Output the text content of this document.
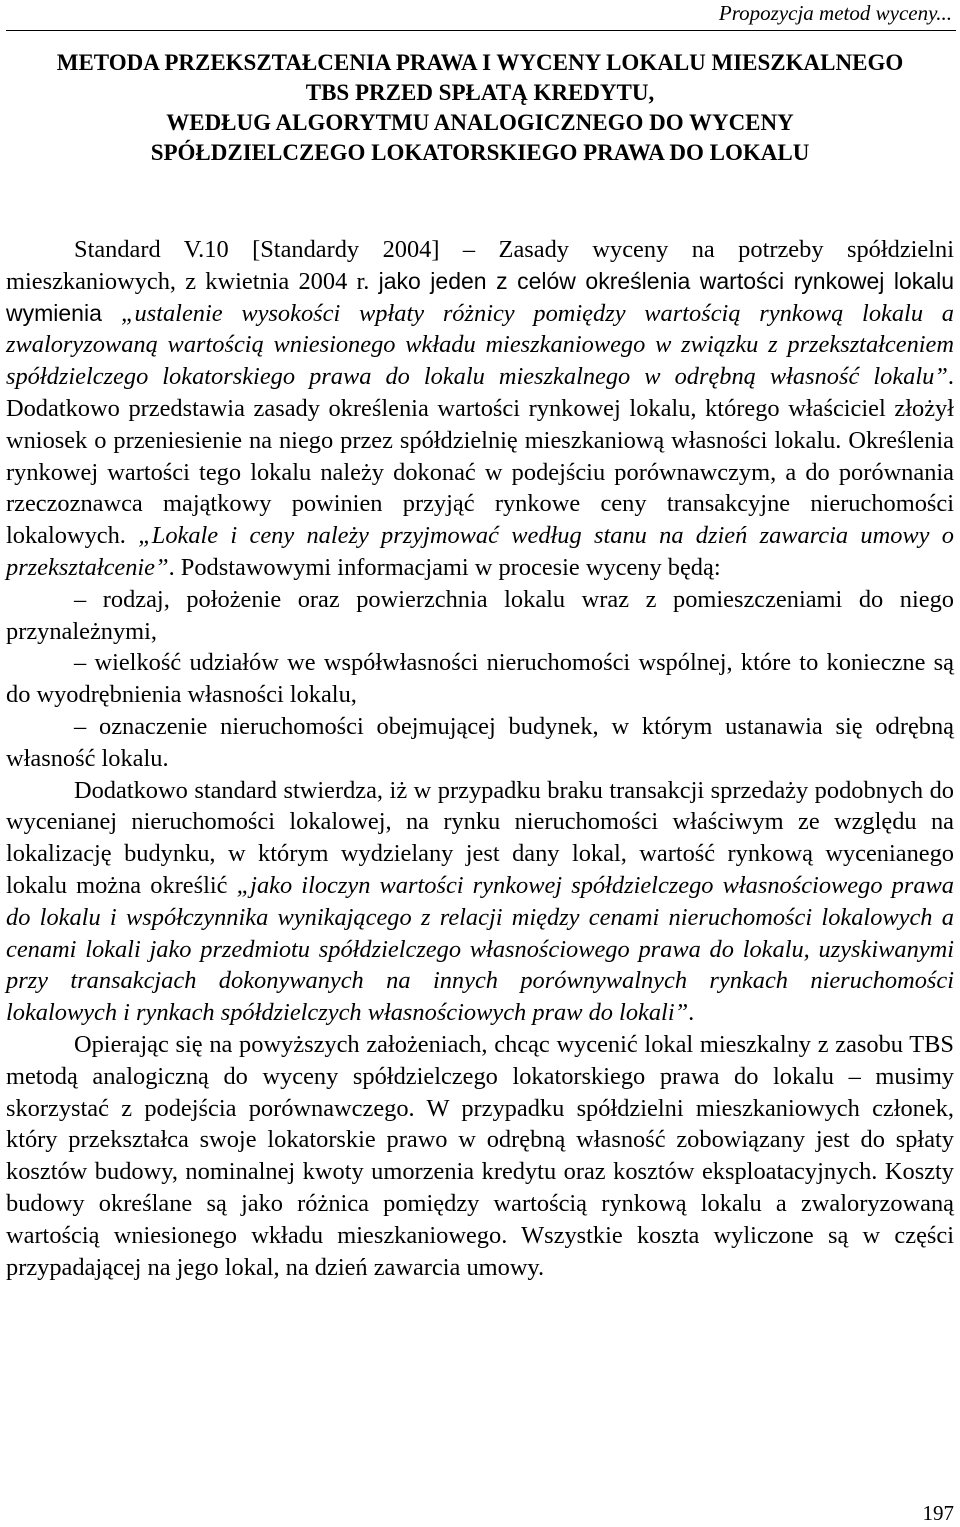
Propozycja metod wyceny...
METODA PRZEKSZTAŁCENIA PRAWA I WYCENY LOKALU MIESZKALNEGO
TBS PRZED SPŁATĄ KREDYTU,
WEDŁUG ALGORYTMU ANALOGICZNEGO DO WYCENY
SPÓŁDZIELCZEGO LOKATORSKIEGO PRAWA DO LOKALU

Standard V.10 [Standardy 2004] – Zasady wyceny na potrzeby spółdzielni mieszkaniowych, z kwietnia 2004 r. jako jeden z celów określenia wartości rynkowej lokalu wymienia „ustalenie wysokości wpłaty różnicy pomiędzy wartością rynkową lokalu a zwaloryzowaną wartością wniesionego wkładu mieszkaniowego w związku z przekształceniem spółdzielczego lokatorskiego prawa do lokalu mieszkalnego w odrębną własność lokalu”. Dodatkowo przedstawia zasady określenia wartości rynkowej lokalu, którego właściciel złożył wniosek o przeniesienie na niego przez spółdzielnię mieszkaniową własności lokalu. Określenia rynkowej wartości tego lokalu należy dokonać w podejściu porównawczym, a do porównania rzeczoznawca majątkowy powinien przyjąć rynkowe ceny transakcyjne nieruchomości lokalowych. „Lokale i ceny należy przyjmować według stanu na dzień zawarcia umowy o przekształcenie”. Podstawowymi informacjami w procesie wyceny będą:

– rodzaj, położenie oraz powierzchnia lokalu wraz z pomieszczeniami do niego przynależnymi,

– wielkość udziałów we współwłasności nieruchomości wspólnej, które to konieczne są do wyodrębnienia własności lokalu,

– oznaczenie nieruchomości obejmującej budynek, w którym ustanawia się odrębną własność lokalu.

Dodatkowo standard stwierdza, iż w przypadku braku transakcji sprzedaży podobnych do wycenianej nieruchomości lokalowej, na rynku nieruchomości właściwym ze względu na lokalizację budynku, w którym wydzielany jest dany lokal, wartość rynkową wycenianego lokalu można określić „jako iloczyn wartości rynkowej spółdzielczego własnościowego prawa do lokalu i współczynnika wynikającego z relacji między cenami nieruchomości lokalowych a cenami lokali jako przedmiotu spółdzielczego własnościowego prawa do lokalu, uzyskiwanymi przy transakcjach dokonywanych na innych porównywalnych rynkach nieruchomości lokalowych i rynkach spółdzielczych własnościowych praw do lokali”.

Opierając się na powyższych założeniach, chcąc wycenić lokal mieszkalny z zasobu TBS metodą analogiczną do wyceny spółdzielczego lokatorskiego prawa do lokalu – musimy skorzystać z podejścia porównawczego. W przypadku spółdzielni mieszkaniowych członek, który przekształca swoje lokatorskie prawo w odrębną własność zobowiązany jest do spłaty kosztów budowy, nominalnej kwoty umorzenia kredytu oraz kosztów eksploatacyjnych. Koszty budowy określane są jako różnica pomiędzy wartością rynkową lokalu a zwaloryzowaną wartością wniesionego wkładu mieszkaniowego. Wszystkie koszta wyliczone są w części przypadającej na jego lokal, na dzień zawarcia umowy.

197
